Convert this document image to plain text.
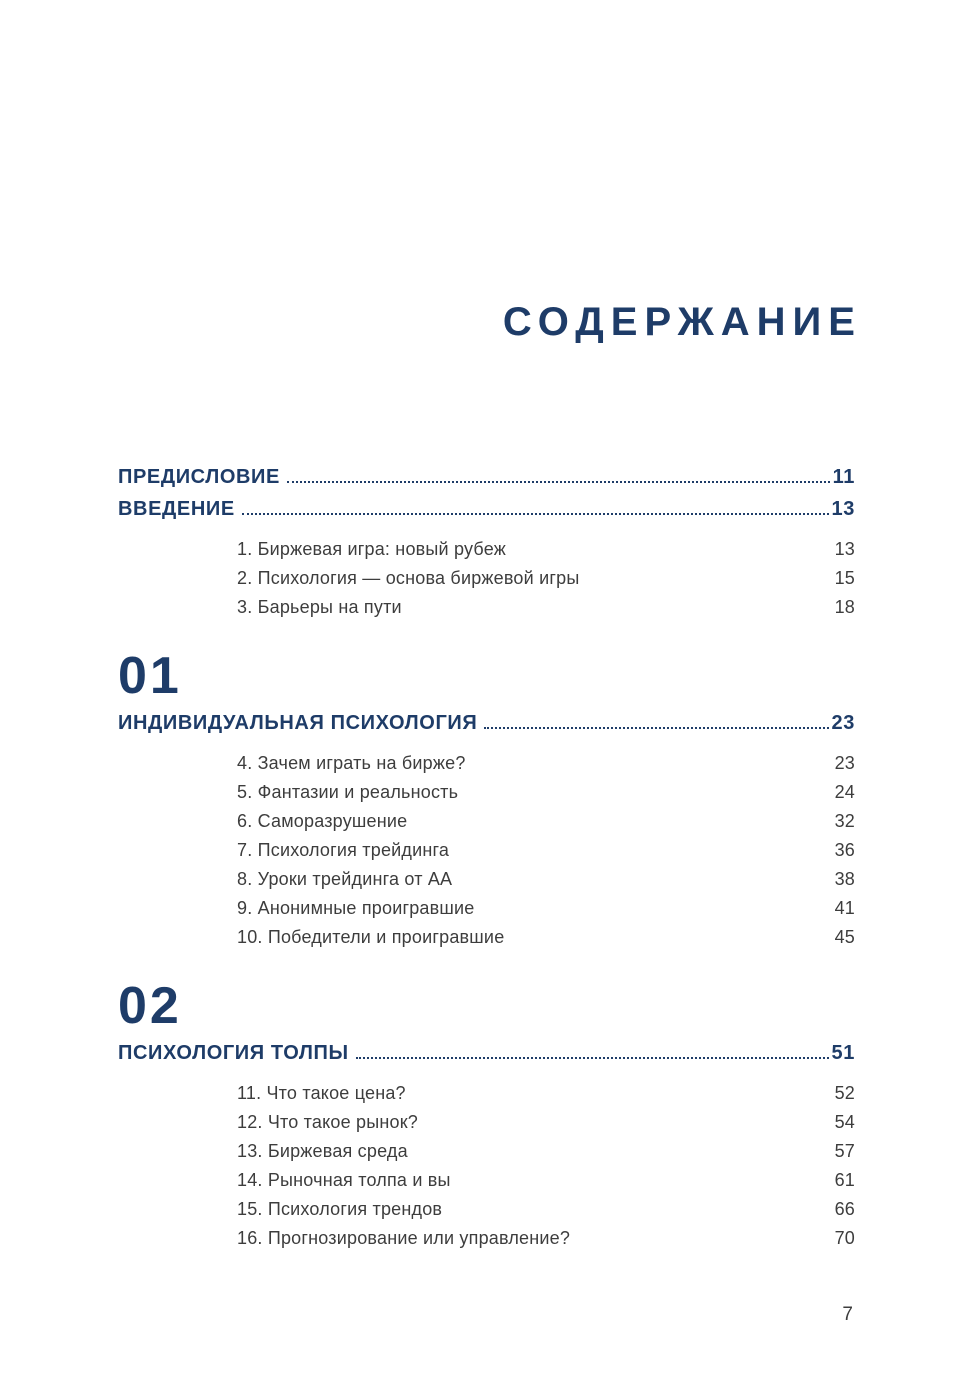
СОДЕРЖАНИЕ
ПРЕДИСЛОВИЕ	11
ВВЕДЕНИЕ	13
1. Биржевая игра: новый рубеж	13
2. Психология — основа биржевой игры	15
3. Барьеры на пути	18
01
ИНДИВИДУАЛЬНАЯ ПСИХОЛОГИЯ	23
4. Зачем играть на бирже?	23
5. Фантазии и реальность	24
6. Саморазрушение	32
7. Психология трейдинга	36
8. Уроки трейдинга от АА	38
9. Анонимные проигравшие	41
10. Победители и проигравшие	45
02
ПСИХОЛОГИЯ ТОЛПЫ	51
11. Что такое цена?	52
12. Что такое рынок?	54
13. Биржевая среда	57
14. Рыночная толпа и вы	61
15. Психология трендов	66
16. Прогнозирование или управление?	70
7
